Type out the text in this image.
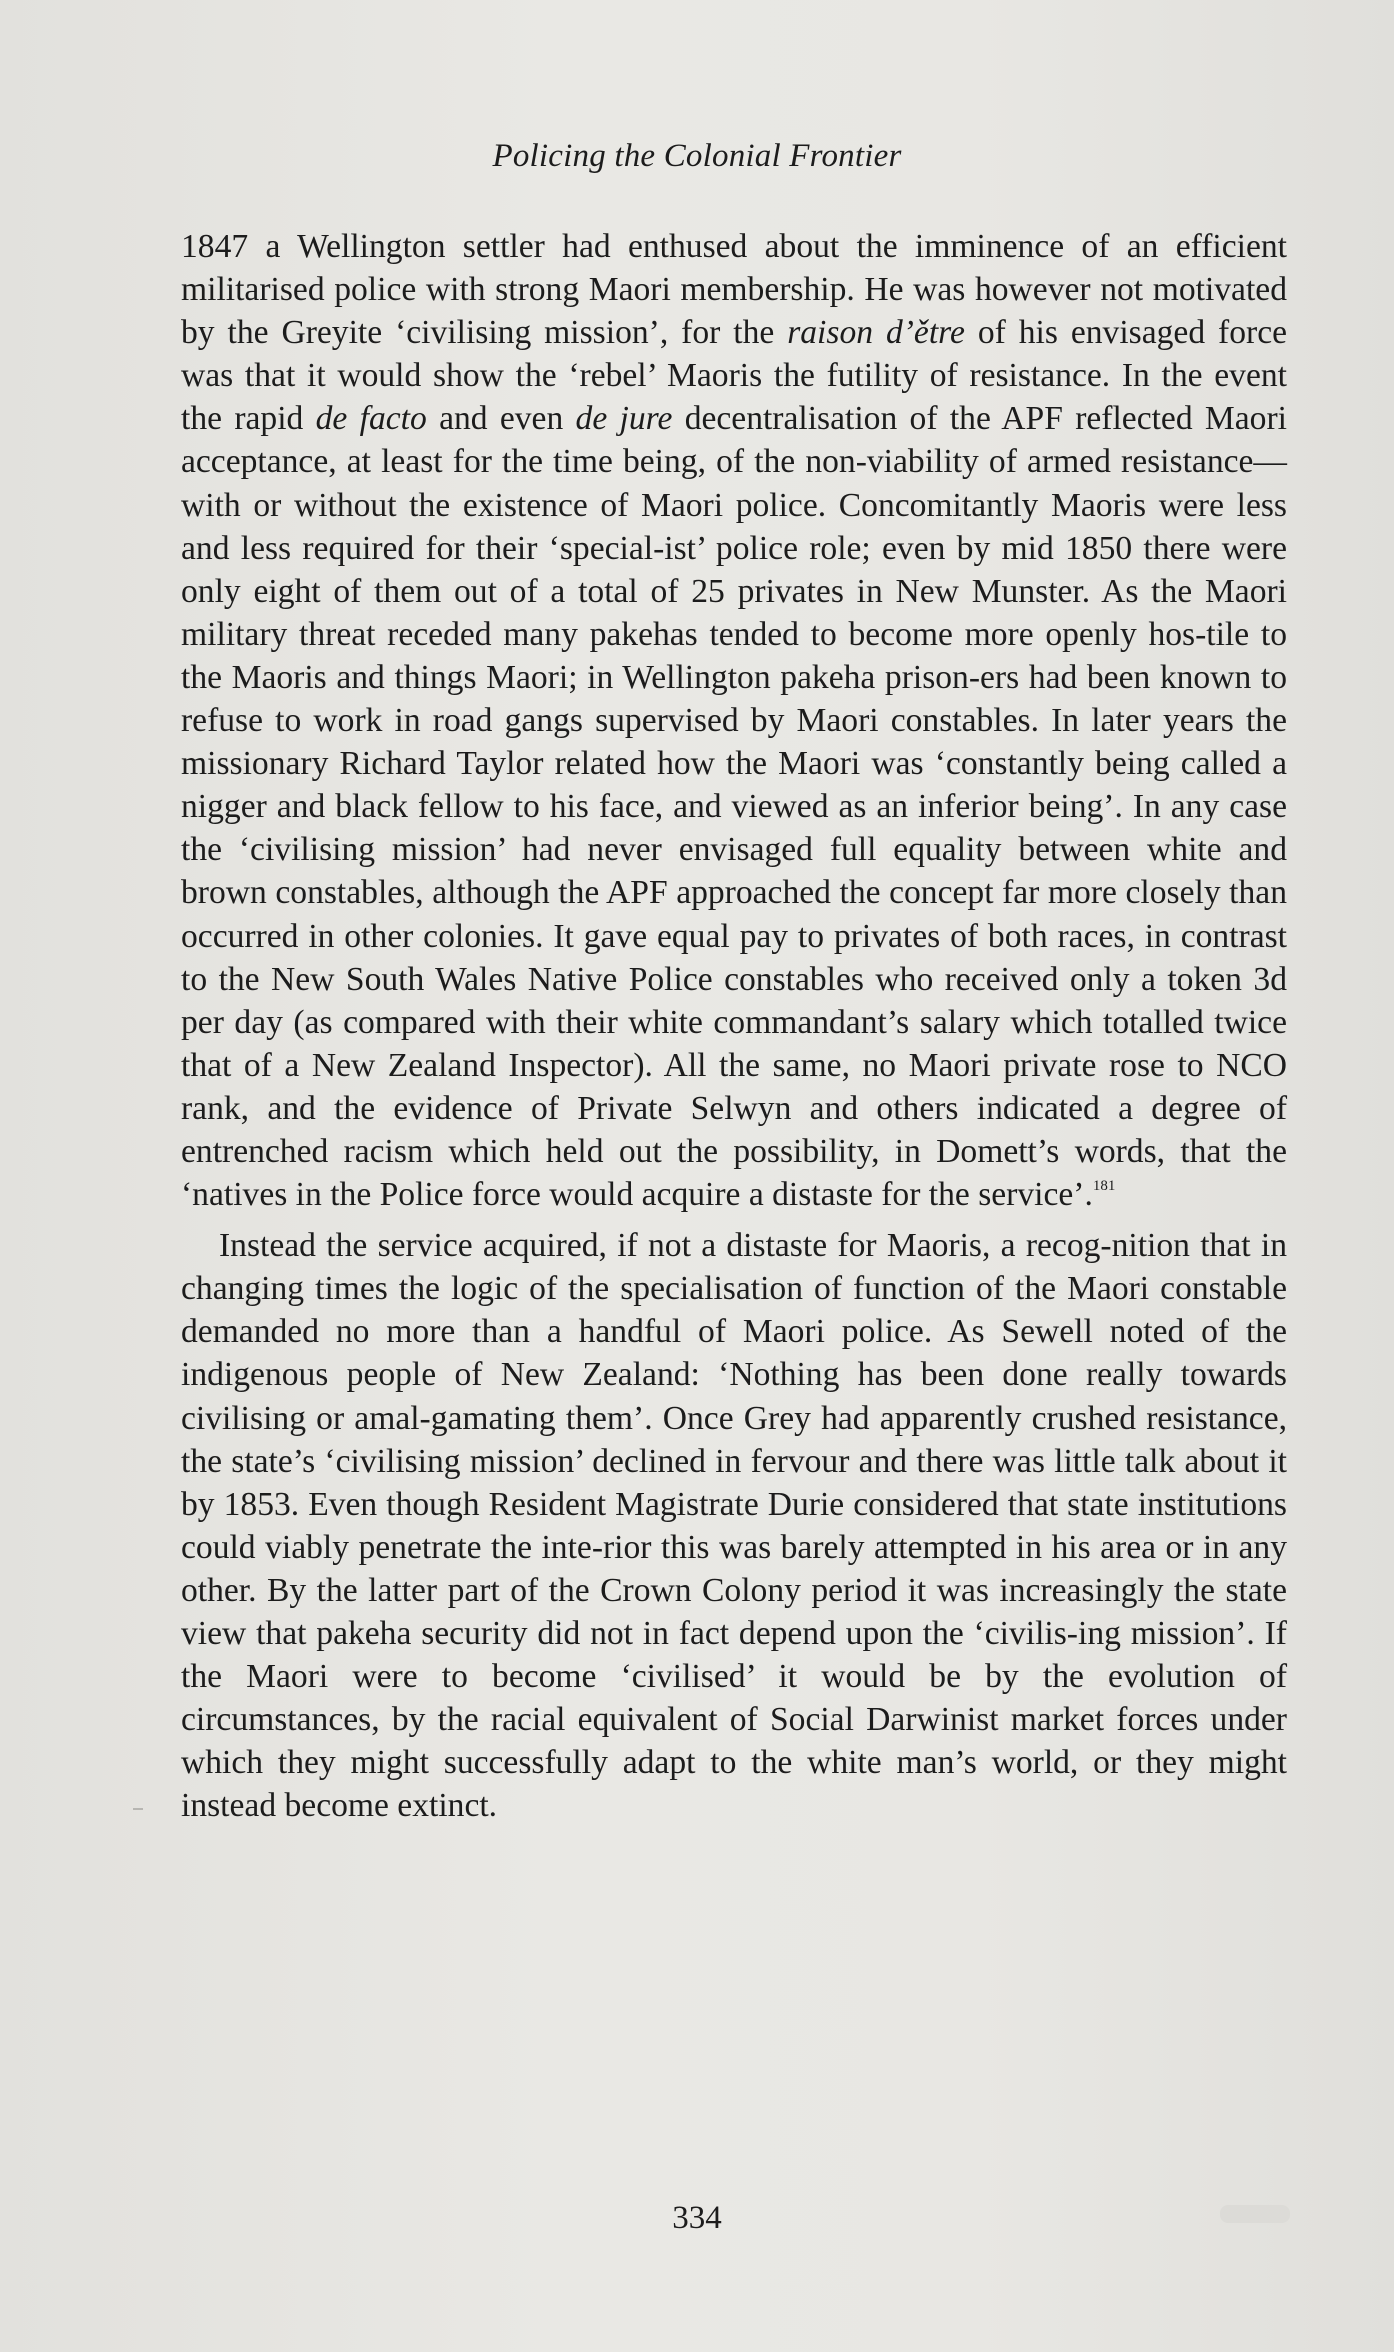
Policing the Colonial Frontier

1847 a Wellington settler had enthused about the imminence of an efficient militarised police with strong Maori membership. He was however not motivated by the Greyite ‘civilising mission’, for the raison d’ětre of his envisaged force was that it would show the ‘rebel’ Maoris the futility of resistance. In the event the rapid de facto and even de jure decentralisation of the APF reflected Maori acceptance, at least for the time being, of the non-viability of armed resistance—with or without the existence of Maori police. Concomitantly Maoris were less and less required for their ‘special-ist’ police role; even by mid 1850 there were only eight of them out of a total of 25 privates in New Munster. As the Maori military threat receded many pakehas tended to become more openly hos-tile to the Maoris and things Maori; in Wellington pakeha prison-ers had been known to refuse to work in road gangs supervised by Maori constables. In later years the missionary Richard Taylor related how the Maori was ‘constantly being called a nigger and black fellow to his face, and viewed as an inferior being’. In any case the ‘civilising mission’ had never envisaged full equality between white and brown constables, although the APF approached the concept far more closely than occurred in other colonies. It gave equal pay to privates of both races, in contrast to the New South Wales Native Police constables who received only a token 3d per day (as compared with their white commandant’s salary which totalled twice that of a New Zealand Inspector). All the same, no Maori private rose to NCO rank, and the evidence of Private Selwyn and others indicated a degree of entrenched racism which held out the possibility, in Domett’s words, that the ‘natives in the Police force would acquire a distaste for the service’.$^{181}$

Instead the service acquired, if not a distaste for Maoris, a recog-nition that in changing times the logic of the specialisation of function of the Maori constable demanded no more than a handful of Maori police. As Sewell noted of the indigenous people of New Zealand: ‘Nothing has been done really towards civilising or amal-gamating them’. Once Grey had apparently crushed resistance, the state’s ‘civilising mission’ declined in fervour and there was little talk about it by 1853. Even though Resident Magistrate Durie considered that state institutions could viably penetrate the inte-rior this was barely attempted in his area or in any other. By the latter part of the Crown Colony period it was increasingly the state view that pakeha security did not in fact depend upon the ‘civilis-ing mission’. If the Maori were to become ‘civilised’ it would be by the evolution of circumstances, by the racial equivalent of Social Darwinist market forces under which they might successfully adapt to the white man’s world, or they might instead become extinct.

334
